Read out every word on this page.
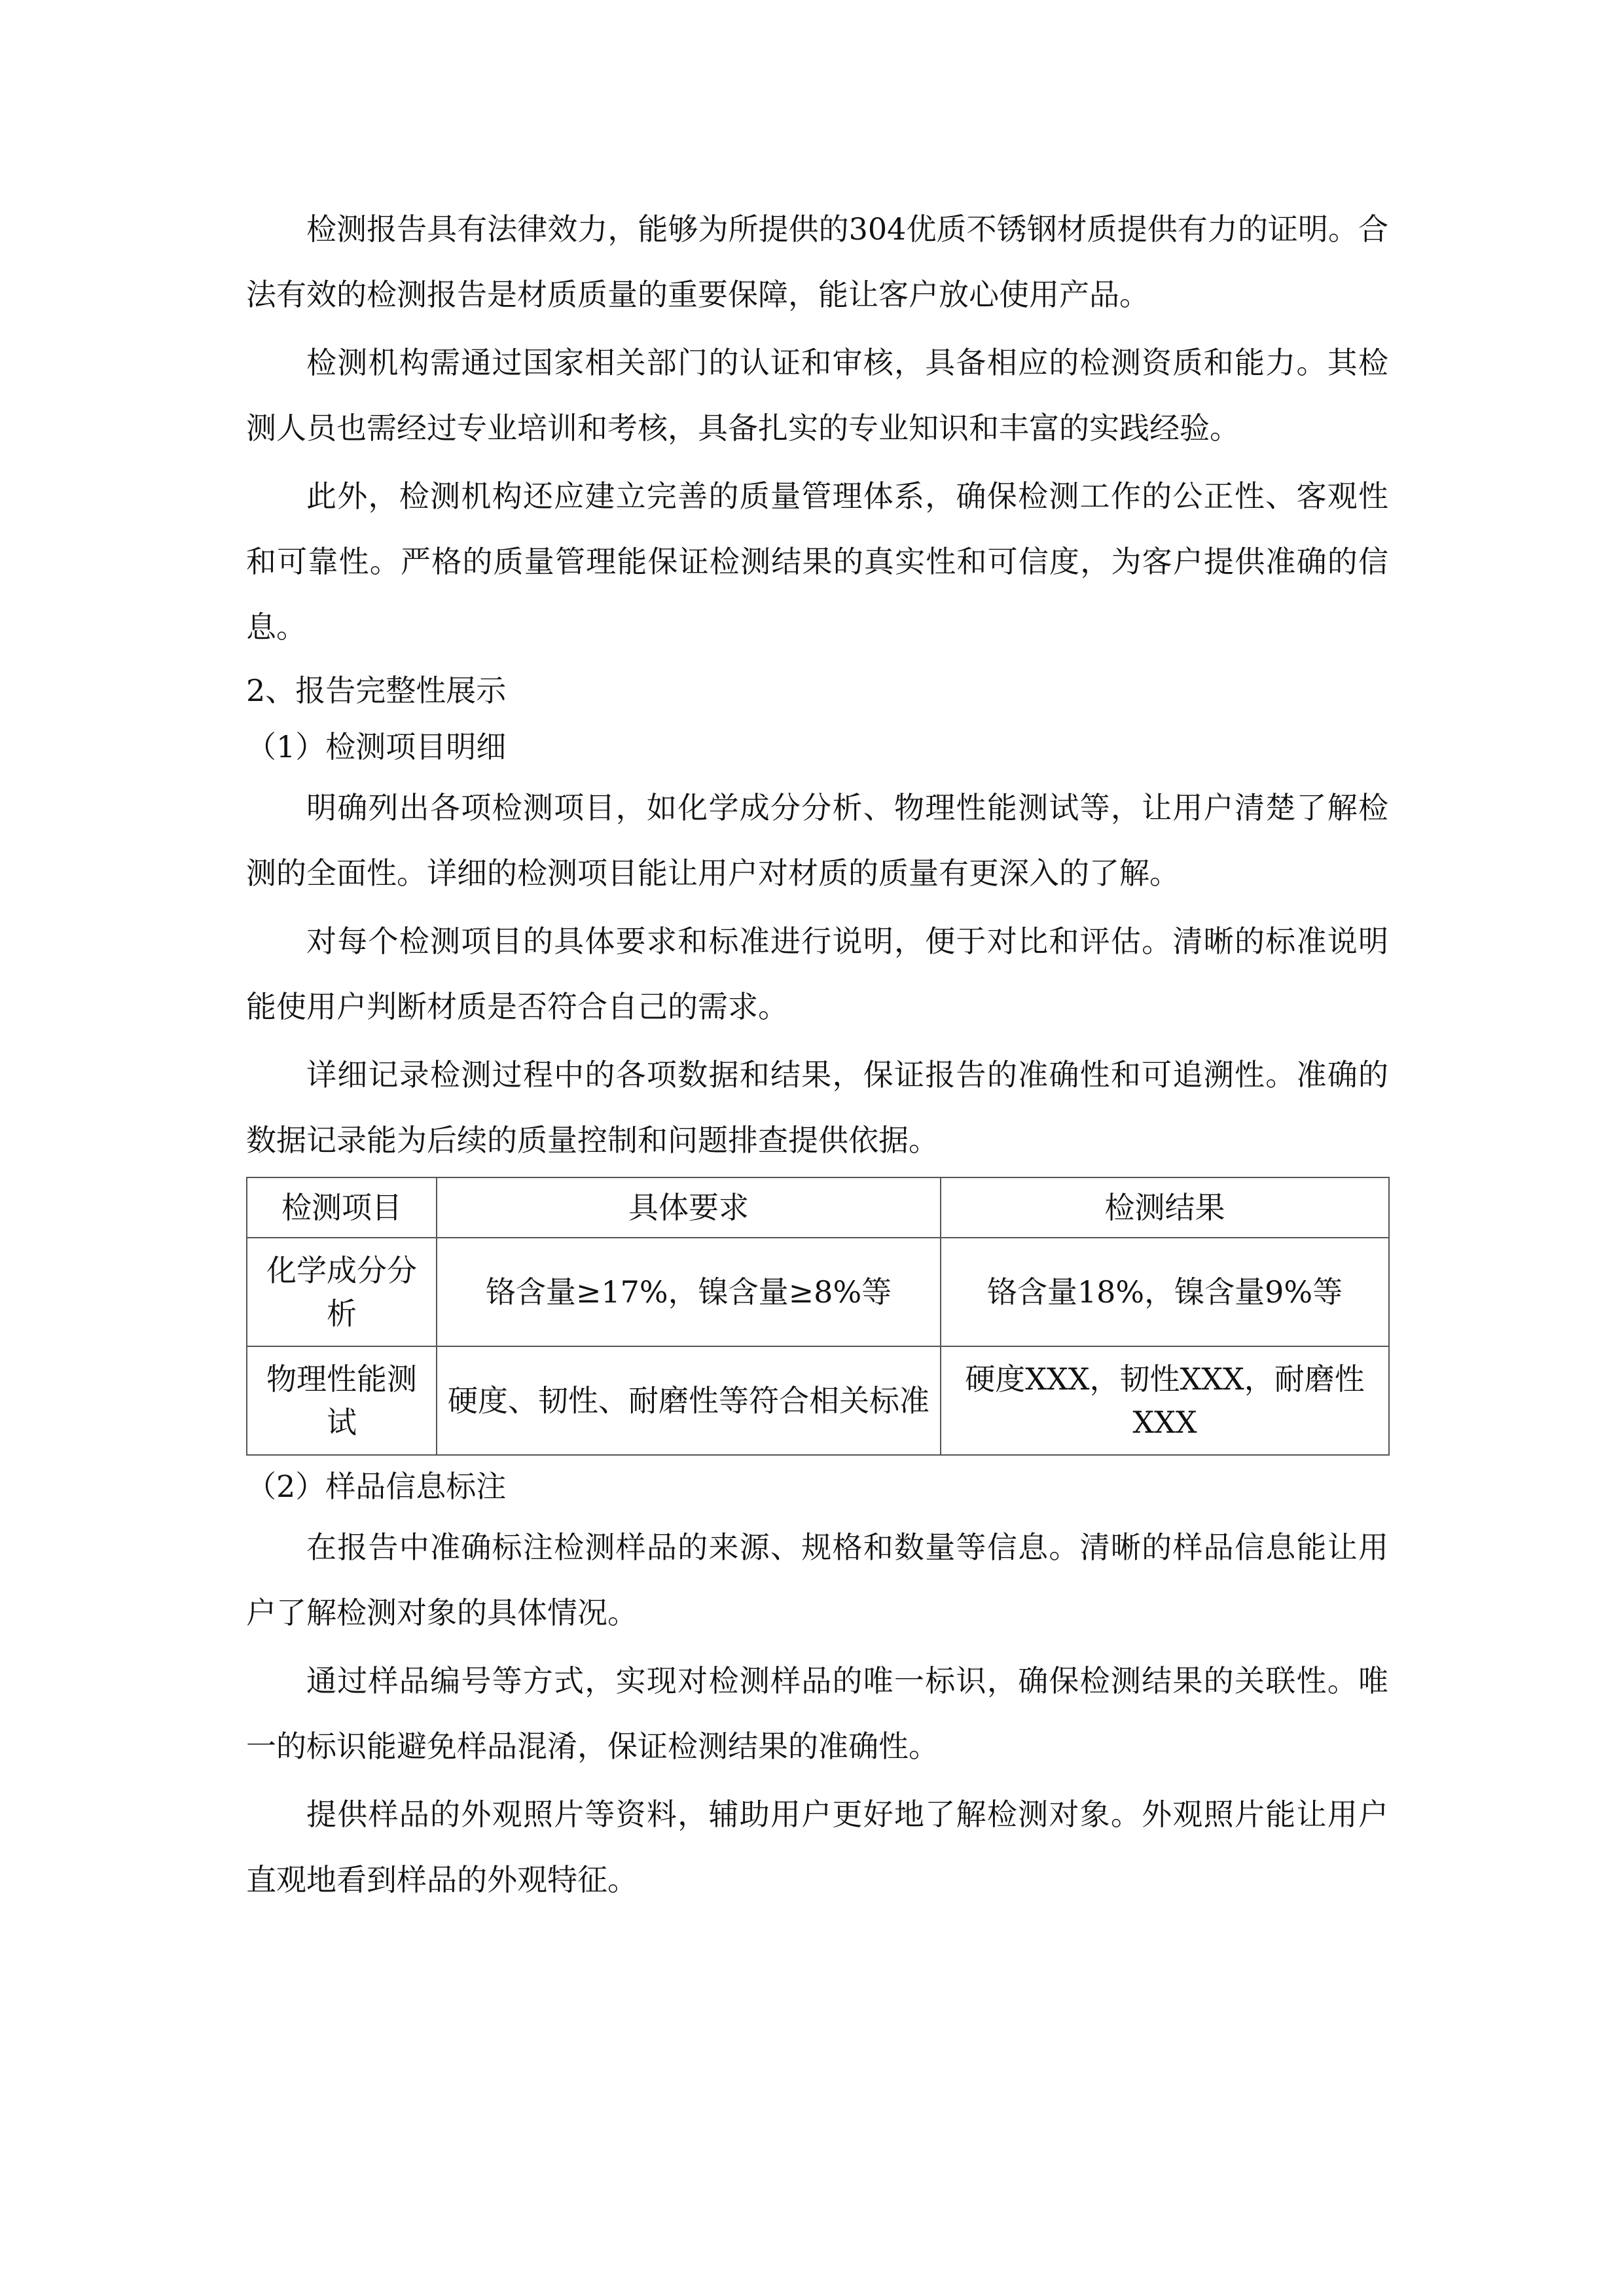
检测报告具有法律效力，能够为所提供的304优质不锈钢材质提供有力的证明。合法有效的检测报告是材质质量的重要保障，能让客户放心使用产品。

检测机构需通过国家相关部门的认证和审核，具备相应的检测资质和能力。其检测人员也需经过专业培训和考核，具备扎实的专业知识和丰富的实践经验。

此外，检测机构还应建立完善的质量管理体系，确保检测工作的公正性、客观性和可靠性。严格的质量管理能保证检测结果的真实性和可信度，为客户提供准确的信息。

2、报告完整性展示

（1）检测项目明细

明确列出各项检测项目，如化学成分分析、物理性能测试等，让用户清楚了解检测的全面性。详细的检测项目能让用户对材质的质量有更深入的了解。

对每个检测项目的具体要求和标准进行说明，便于对比和评估。清晰的标准说明能使用户判断材质是否符合自己的需求。

详细记录检测过程中的各项数据和结果，保证报告的准确性和可追溯性。准确的数据记录能为后续的质量控制和问题排查提供依据。

检测项目	具体要求	检测结果
化学成分分析	铬含量≥17%，镍含量≥8%等	铬含量18%，镍含量9%等
物理性能测试	硬度、韧性、耐磨性等符合相关标准	硬度XXX，韧性XXX，耐磨性XXX

（2）样品信息标注

在报告中准确标注检测样品的来源、规格和数量等信息。清晰的样品信息能让用户了解检测对象的具体情况。

通过样品编号等方式，实现对检测样品的唯一标识，确保检测结果的关联性。唯一的标识能避免样品混淆，保证检测结果的准确性。

提供样品的外观照片等资料，辅助用户更好地了解检测对象。外观照片能让用户直观地看到样品的外观特征。
